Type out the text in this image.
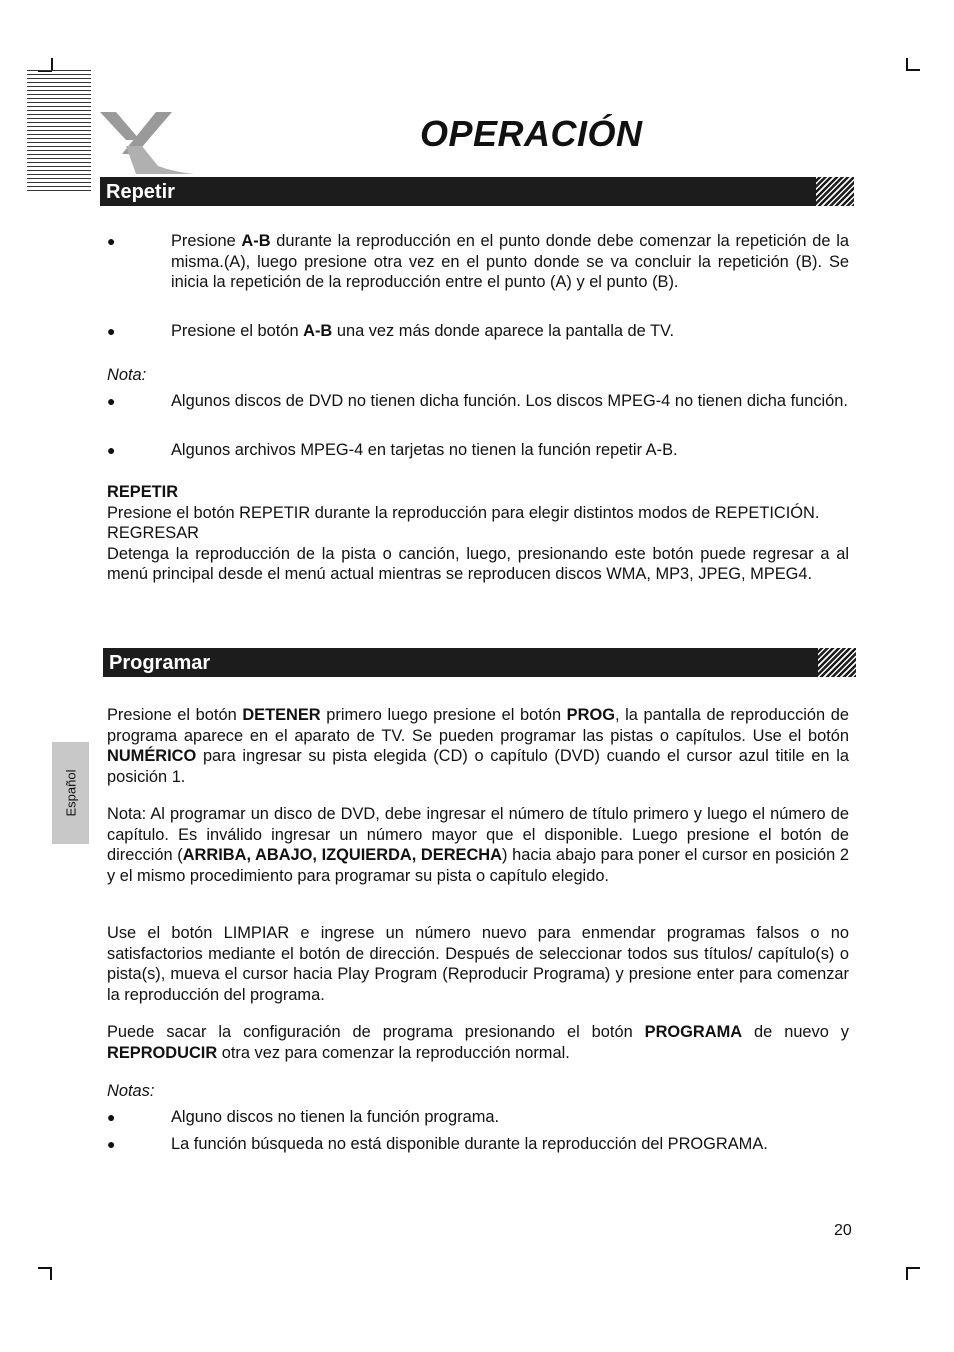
OPERACIÓN
Repetir
●	Presione A-B durante la reproducción en el punto donde debe comenzar la repetición de la misma.(A), luego presione otra vez en el punto donde se va concluir la repetición (B). Se inicia la repetición de la reproducción entre el punto (A) y el punto (B).
●	Presione el botón A-B una vez más donde aparece la pantalla de TV.
Nota:
●	Algunos discos de DVD no tienen dicha función. Los discos MPEG-4 no tienen dicha función.
●	Algunos archivos MPEG-4 en tarjetas no tienen la función repetir A-B.
REPETIR
Presione el botón REPETIR durante la reproducción para elegir distintos modos de REPETICIÓN.
REGRESAR
Detenga la reproducción de la pista o canción, luego, presionando este botón puede regresar a al menú principal desde el menú actual mientras se reproducen discos WMA, MP3, JPEG, MPEG4.
Programar
Presione el botón DETENER primero luego presione el botón PROG, la pantalla de reproducción de programa aparece en el aparato de TV. Se pueden programar las pistas o capítulos. Use el botón NUMÉRICO para ingresar su pista elegida (CD) o capítulo (DVD) cuando el cursor azul titile en la posición 1.
Nota: Al programar un disco de DVD, debe ingresar el número de título primero y luego el número de capítulo. Es inválido ingresar un número mayor que el disponible. Luego presione el botón de dirección (ARRIBA, ABAJO, IZQUIERDA, DERECHA) hacia abajo para poner el cursor en posición 2 y el mismo procedimiento para programar su pista o capítulo elegido.
Use el botón LIMPIAR e ingrese un número nuevo para enmendar programas falsos o no satisfactorios mediante el botón de dirección. Después de seleccionar todos sus títulos/ capítulo(s) o pista(s), mueva el cursor hacia Play Program (Reproducir Programa) y presione enter para comenzar la reproducción del programa.
Puede sacar la configuración de programa presionando el botón PROGRAMA de nuevo y REPRODUCIR otra vez para comenzar la reproducción normal.
Notas:
●	Alguno discos no tienen la función programa.
●	La función búsqueda no está disponible durante la reproducción del PROGRAMA.
Español
20
